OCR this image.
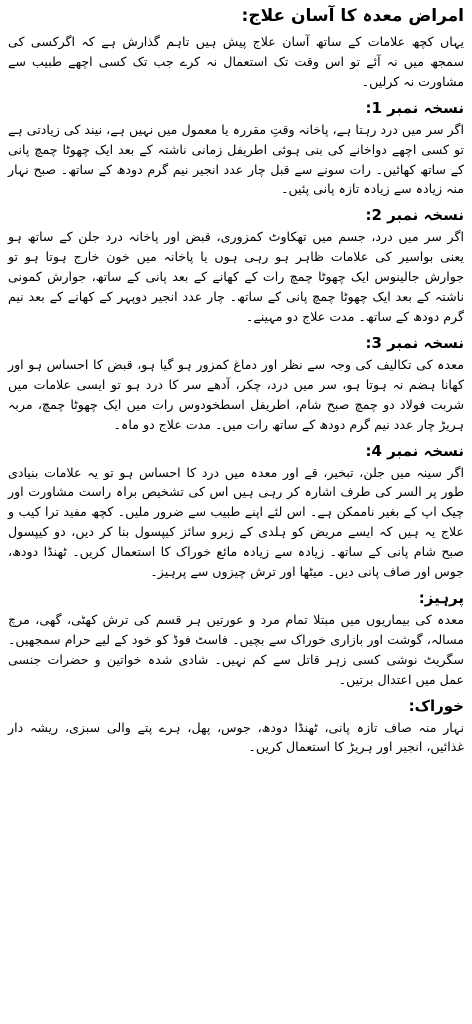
امراض معدہ کا آسان علاج:

یہاں کچھ علامات کے ساتھ آسان علاج پیش ہیں تاہم گذارش ہے کہ اگرکسی کی سمجھ میں نہ آئے تو اس وقت تک استعمال نہ کرے جب تک کسی اچھے طبیب سے مشاورت نہ کرلیں۔

نسخہ نمبر 1:

اگر سر میں درد رہتا ہے، پاخانہ وقتِ مقررہ یا معمول میں نہیں ہے، نیند کی زیادتی ہے تو کسی اچھے دواخانے کی بنی ہوئی اطریفل زمانی ناشتہ کے بعد ایک چھوٹا چمچ پانی کے ساتھ کھائیں۔ رات سونے سے قبل چار عدد انجیر نیم گرم دودھ کے ساتھ۔ صبح نہار منہ زیادہ سے زیادہ تازہ پانی پئیں۔

نسخہ نمبر 2:

اگر سر میں درد، جسم میں تھکاوٹ کمزوری، قبض اور پاخانہ درد جلن کے ساتھ ہو یعنی بواسیر کی علامات ظاہر ہو رہی ہوں یا پاخانہ میں خون خارج ہوتا ہو تو جوارش جالینوس ایک چھوٹا چمچ رات کے کھانے کے بعد پانی کے ساتھ، جوارش کمونی ناشتہ کے بعد ایک چھوٹا چمچ پانی کے ساتھ۔ چار عدد انجیر دوپہر کے کھانے کے بعد نیم گرم دودھ کے ساتھ۔ مدت علاج دو مہینے۔

نسخہ نمبر 3:

معدہ کی تکالیف کی وجہ سے نظر اور دماغ کمزور ہو گیا ہو، قبض کا احساس ہو اور کھانا ہضم نہ ہوتا ہو، سر میں درد، چکر، آدھے سر کا درد ہو تو ایسی علامات میں شربت فولاد دو چمچ صبح شام، اطریفل اسطخودوس رات میں ایک چھوٹا چمچ، مربہ ہریڑ چار عدد نیم گرم دودھ کے ساتھ رات میں۔ مدت علاج دو ماہ۔

نسخہ نمبر 4:

اگر سینہ میں جلن، تبخیر، قے اور معدہ میں درد کا احساس ہو تو یہ علامات بنیادی طور پر السر کی طرف اشارہ کر رہی ہیں اس کی تشخیص براہ راست مشاورت اور چیک اپ کے بغیر ناممکن ہے۔ اس لئے اپنے طبیب سے ضرور ملیں۔ کچھ مفید ترا کیب و علاج یہ ہیں کہ ایسے مریض کو ہلدی کے زیرو سائز کیپسول بنا کر دیں، دو کیپسول صبح شام پانی کے ساتھ۔ زیادہ سے زیادہ مائع خوراک کا استعمال کریں۔ ٹھنڈا دودھ، جوس اور صاف پانی دیں۔ میٹھا اور ترش چیزوں سے پرہیز۔

پرہیز:

معدہ کی بیماریوں میں مبتلا تمام مرد و عورتیں ہر قسم کی ترش کھٹی، گھی، مرچ مسالہ، گوشت اور بازاری خوراک سے بچیں۔ فاسٹ فوڈ کو خود کے لیے حرام سمجھیں۔ سگریٹ نوشی کسی زہر قاتل سے کم نہیں۔ شادی شدہ خواتین و حضرات جنسی عمل میں اعتدال برتیں۔

خوراک:

نہار منہ صاف تازہ پانی، ٹھنڈا دودھ، جوس، پھل، ہرے پتے والی سبزی، ریشہ دار غذائیں، انجیر اور ہریڑ کا استعمال کریں۔
